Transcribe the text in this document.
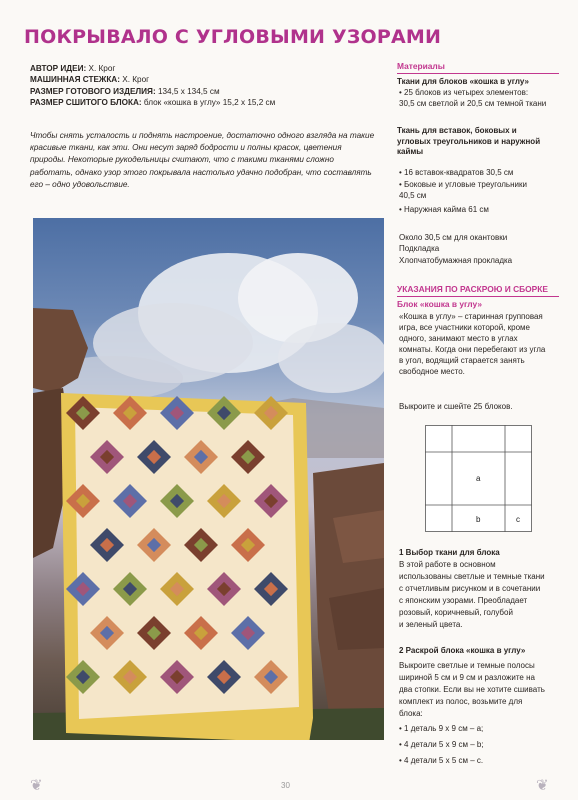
ПОКРЫВАЛО С УГЛОВЫМИ УЗОРАМИ
АВТОР ИДЕИ: Х. Крог
МАШИННАЯ СТЕЖКА: Х. Крог
РАЗМЕР ГОТОВОГО ИЗДЕЛИЯ: 134,5 х 134,5 см
РАЗМЕР СШИТОГО БЛОКА: блок «кошка в углу» 15,2 х 15,2 см
Чтобы снять усталость и поднять настроение, достаточно одного взгляда на такие красивые ткани, как эти. Они несут заряд бодрости и полны красок, цветения природы. Некоторые рукодельницы считают, что с такими тканями сложно работать, однако узор этого покрывала настолько удачно подобран, что составлять его – одно удовольствие.
Материалы
Ткани для блоков «кошка в углу»
• 25 блоков из четырех элементов:
30,5 см светлой и 20,5 см темной ткани
Ткань для вставок, боковых и угловых треугольников и наружной каймы
• 16 вставок-квадратов 30,5 см
• Боковые и угловые треугольники
40,5 см
• Наружная кайма 61 см
Около 30,5 см для окантовки
Подкладка
Хлопчатобумажная прокладка
УКАЗАНИЯ ПО РАСКРОЮ И СБОРКЕ
Блок «кошка в углу»
«Кошка в углу» – старинная групповая
игра, все участники которой, кроме
одного, занимают место в углах
комнаты. Когда они перебегают из угла
в угол, водящий старается занять
свободное место.
Выкроите и сшейте 25 блоков.
a
b	c
1 Выбор ткани для блока
В этой работе в основном
использованы светлые и темные ткани
с отчетливым рисунком и в сочетании
с японским узорами. Преобладает
розовый, коричневый, голубой
и зеленый цвета.
2 Раскрой блока «кошка в углу»
Выкроите светлые и темные полосы
шириной 5 см и 9 см и разложите на
два стопки. Если вы не хотите сшивать
комплект из полос, возьмите для
блока:
• 1 деталь 9 х 9 см – a;
• 4 детали 5 х 9 см – b;
• 4 детали 5 х 5 см – c.
30
❦	❦
